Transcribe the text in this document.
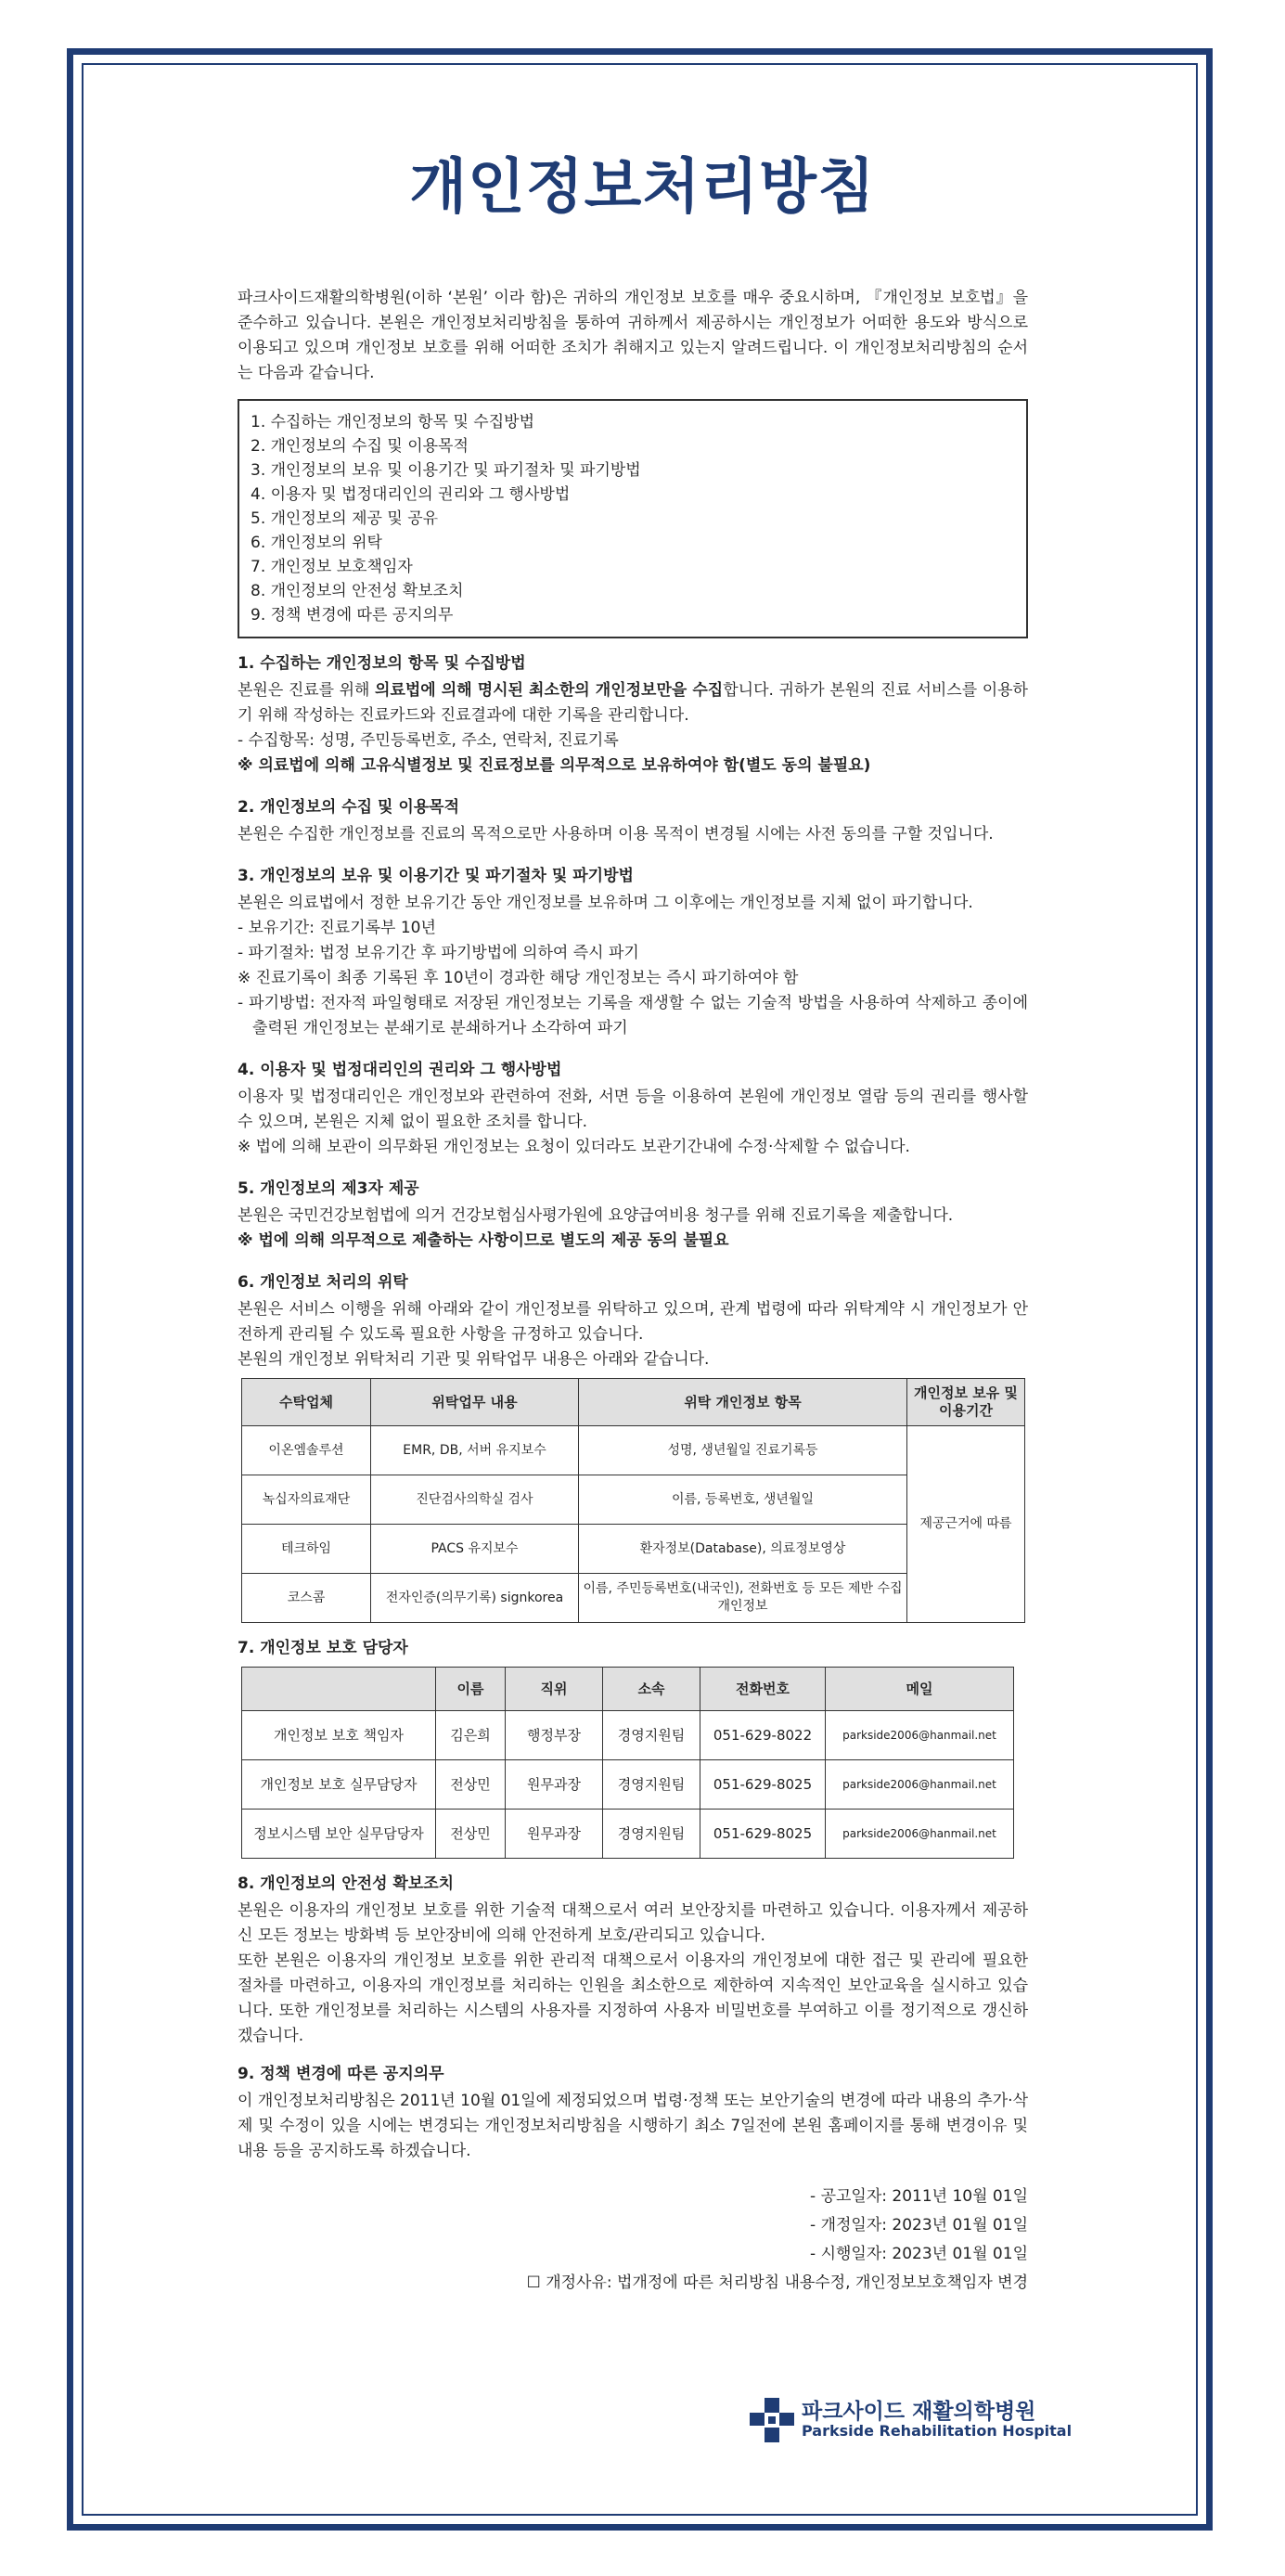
개인정보처리방침

파크사이드재활의학병원(이하 ‘본원’ 이라 함)은 귀하의 개인정보 보호를 매우 중요시하며, 『개인정보 보호법』을 준수하고 있습니다. 본원은 개인정보처리방침을 통하여 귀하께서 제공하시는 개인정보가 어떠한 용도와 방식으로 이용되고 있으며 개인정보 보호를 위해 어떠한 조치가 취해지고 있는지 알려드립니다. 이 개인정보처리방침의 순서는 다음과 같습니다.

1. 수집하는 개인정보의 항목 및 수집방법
2. 개인정보의 수집 및 이용목적
3. 개인정보의 보유 및 이용기간 및 파기절차 및 파기방법
4. 이용자 및 법정대리인의 권리와 그 행사방법
5. 개인정보의 제공 및 공유
6. 개인정보의 위탁
7. 개인정보 보호책임자
8. 개인정보의 안전성 확보조치
9. 정책 변경에 따른 공지의무
1. 수집하는 개인정보의 항목 및 수집방법

본원은 진료를 위해 의료법에 의해 명시된 최소한의 개인정보만을 수집합니다. 귀하가 본원의 진료 서비스를 이용하기 위해 작성하는 진료카드와 진료결과에 대한 기록을 관리합니다.

- 수집항목: 성명, 주민등록번호, 주소, 연락처, 진료기록

※ 의료법에 의해 고유식별정보 및 진료정보를 의무적으로 보유하여야 함(별도 동의 불필요)

2. 개인정보의 수집 및 이용목적

본원은 수집한 개인정보를 진료의 목적으로만 사용하며 이용 목적이 변경될 시에는 사전 동의를 구할 것입니다.

3. 개인정보의 보유 및 이용기간 및 파기절차 및 파기방법

본원은 의료법에서 정한 보유기간 동안 개인정보를 보유하며 그 이후에는 개인정보를 지체 없이 파기합니다.

- 보유기간: 진료기록부 10년

- 파기절차: 법정 보유기간 후 파기방법에 의하여 즉시 파기

※ 진료기록이 최종 기록된 후 10년이 경과한 해당 개인정보는 즉시 파기하여야 함

- 파기방법: 전자적 파일형태로 저장된 개인정보는 기록을 재생할 수 없는 기술적 방법을 사용하여 삭제하고 종이에 출력된 개인정보는 분쇄기로 분쇄하거나 소각하여 파기

4. 이용자 및 법정대리인의 권리와 그 행사방법

이용자 및 법정대리인은 개인정보와 관련하여 전화, 서면 등을 이용하여 본원에 개인정보 열람 등의 권리를 행사할 수 있으며, 본원은 지체 없이 필요한 조치를 합니다.

※ 법에 의해 보관이 의무화된 개인정보는 요청이 있더라도 보관기간내에 수정·삭제할 수 없습니다.

5. 개인정보의 제3자 제공

본원은 국민건강보험법에 의거 건강보험심사평가원에 요양급여비용 청구를 위해 진료기록을 제출합니다.

※ 법에 의해 의무적으로 제출하는 사항이므로 별도의 제공 동의 불필요

6. 개인정보 처리의 위탁

본원은 서비스 이행을 위해 아래와 같이 개인정보를 위탁하고 있으며, 관계 법령에 따라 위탁계약 시 개인정보가 안전하게 관리될 수 있도록 필요한 사항을 규정하고 있습니다.

본원의 개인정보 위탁처리 기관 및 위탁업무 내용은 아래와 같습니다.

수탁업체	위탁업무 내용	위탁 개인정보 항목	개인정보 보유 및 이용기간
이온엠솔루션	EMR, DB, 서버 유지보수	성명, 생년월일 진료기록등	제공근거에 따름
녹십자의료재단	진단검사의학실 검사	이름, 등록번호, 생년월일	
테크하임	PACS 유지보수	환자정보(Database), 의료정보영상	
코스콤	전자인증(의무기록) signkorea	이름, 주민등록번호(내국인), 전화번호 등 모든 제반 수집 개인정보	
7. 개인정보 보호 담당자
	이름	직위	소속	전화번호	메일
개인정보 보호 책임자	김은희	행정부장	경영지원팀	051-629-8022	parkside2006@hanmail.net
개인정보 보호 실무담당자	전상민	원무과장	경영지원팀	051-629-8025	parkside2006@hanmail.net
정보시스템 보안 실무담당자	전상민	원무과장	경영지원팀	051-629-8025	parkside2006@hanmail.net
8. 개인정보의 안전성 확보조치

본원은 이용자의 개인정보 보호를 위한 기술적 대책으로서 여러 보안장치를 마련하고 있습니다. 이용자께서 제공하신 모든 정보는 방화벽 등 보안장비에 의해 안전하게 보호/관리되고 있습니다.

또한 본원은 이용자의 개인정보 보호를 위한 관리적 대책으로서 이용자의 개인정보에 대한 접근 및 관리에 필요한 절차를 마련하고, 이용자의 개인정보를 처리하는 인원을 최소한으로 제한하여 지속적인 보안교육을 실시하고 있습니다. 또한 개인정보를 처리하는 시스템의 사용자를 지정하여 사용자 비밀번호를 부여하고 이를 정기적으로 갱신하겠습니다.

9. 정책 변경에 따른 공지의무

이 개인정보처리방침은 2011년 10월 01일에 제정되었으며 법령·정책 또는 보안기술의 변경에 따라 내용의 추가·삭제 및 수정이 있을 시에는 변경되는 개인정보처리방침을 시행하기 최소 7일전에 본원 홈페이지를 통해 변경이유 및 내용 등을 공지하도록 하겠습니다.

- 공고일자: 2011년 10월 01일
- 개정일자: 2023년 01월 01일
- 시행일자: 2023년 01월 01일
☐ 개정사유: 법개정에 따른 처리방침 내용수정, 개인정보보호책임자 변경
파크사이드 재활의학병원
Parkside Rehabilitation Hospital
